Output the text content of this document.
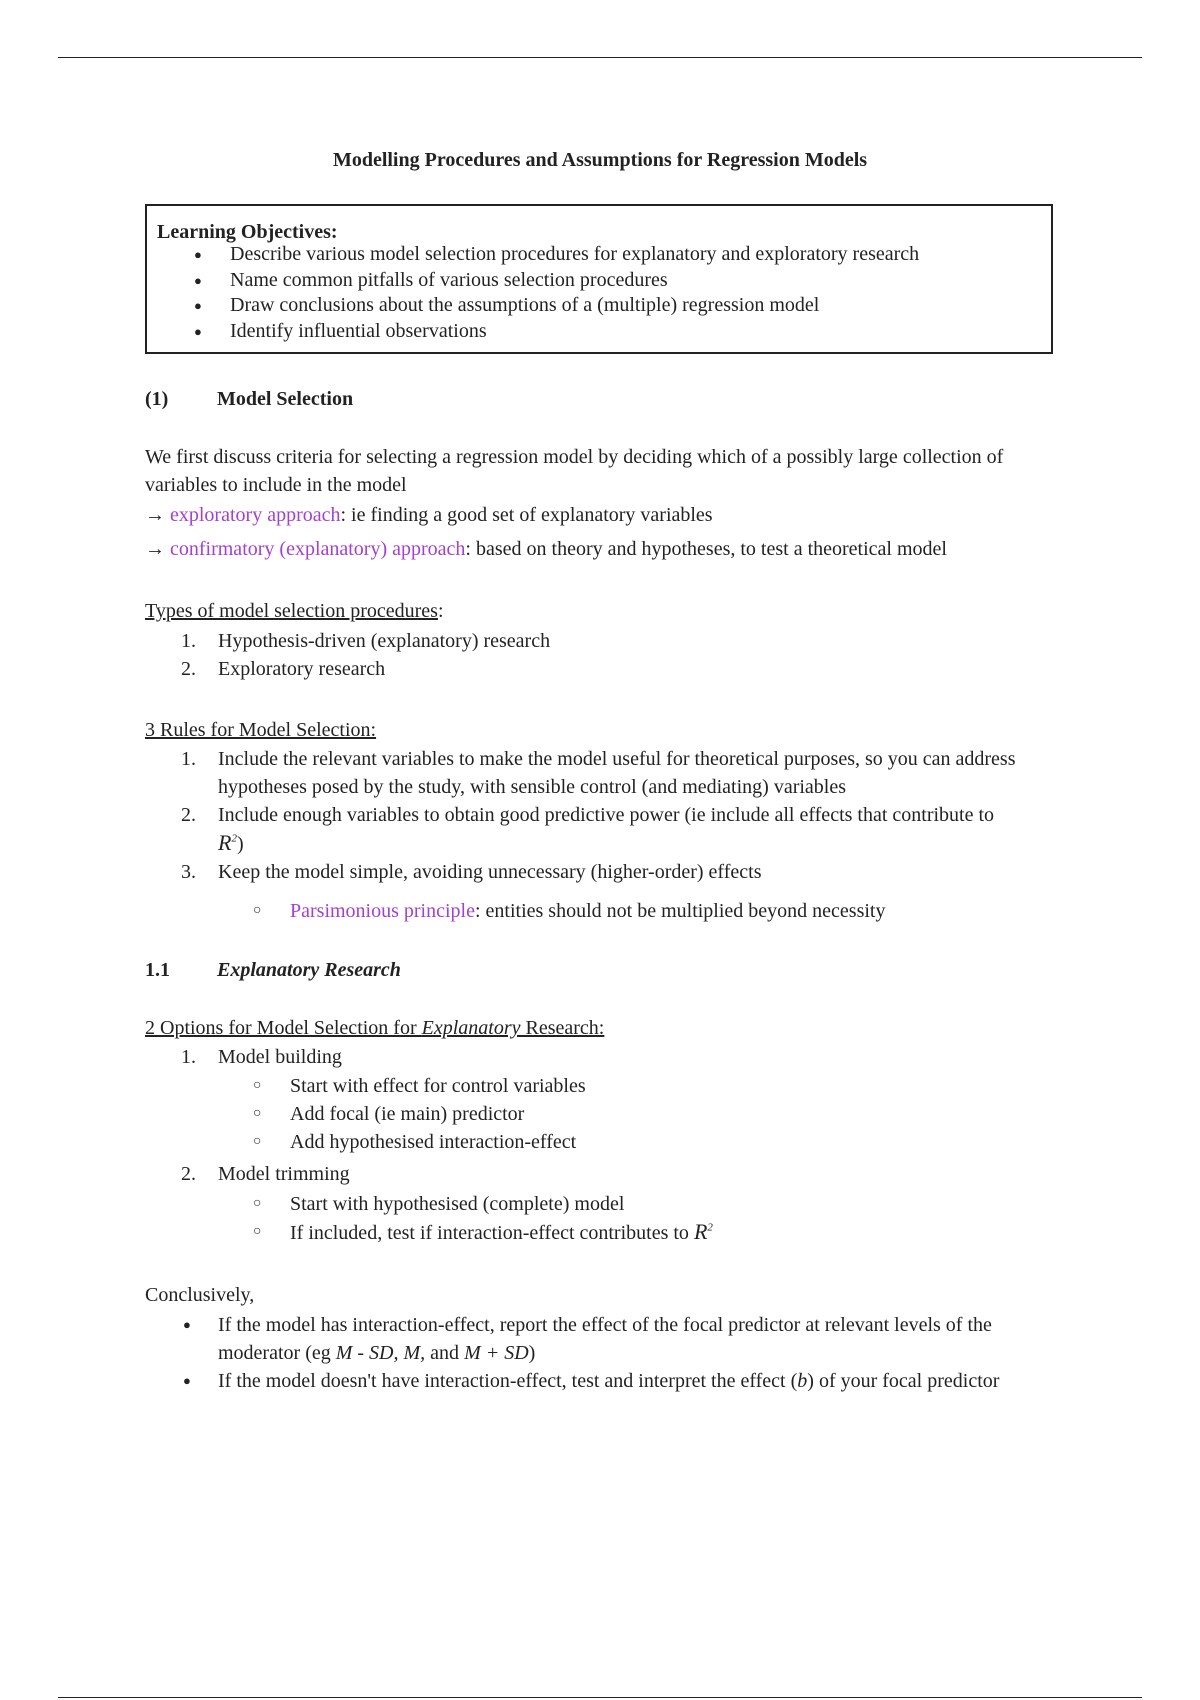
Modelling Procedures and Assumptions for Regression Models
Learning Objectives:
● Describe various model selection procedures for explanatory and exploratory research
● Name common pitfalls of various selection procedures
● Draw conclusions about the assumptions of a (multiple) regression model
● Identify influential observations
(1) Model Selection
We first discuss criteria for selecting a regression model by deciding which of a possibly large collection of variables to include in the model
→ exploratory approach: ie finding a good set of explanatory variables
→ confirmatory (explanatory) approach: based on theory and hypotheses, to test a theoretical model
Types of model selection procedures:
1. Hypothesis-driven (explanatory) research
2. Exploratory research
3 Rules for Model Selection:
1. Include the relevant variables to make the model useful for theoretical purposes, so you can address hypotheses posed by the study, with sensible control (and mediating) variables
2. Include enough variables to obtain good predictive power (ie include all effects that contribute to $R^2$)
3. Keep the model simple, avoiding unnecessary (higher-order) effects
○ Parsimonious principle: entities should not be multiplied beyond necessity
1.1 Explanatory Research
2 Options for Model Selection for Explanatory Research:
1. Model building
○ Start with effect for control variables
○ Add focal (ie main) predictor
○ Add hypothesised interaction-effect
2. Model trimming
○ Start with hypothesised (complete) model
○ If included, test if interaction-effect contributes to $R^2$
Conclusively,
● If the model has interaction-effect, report the effect of the focal predictor at relevant levels of the moderator (eg M - SD, M, and M + SD)
● If the model doesn't have interaction-effect, test and interpret the effect (b) of your focal predictor
